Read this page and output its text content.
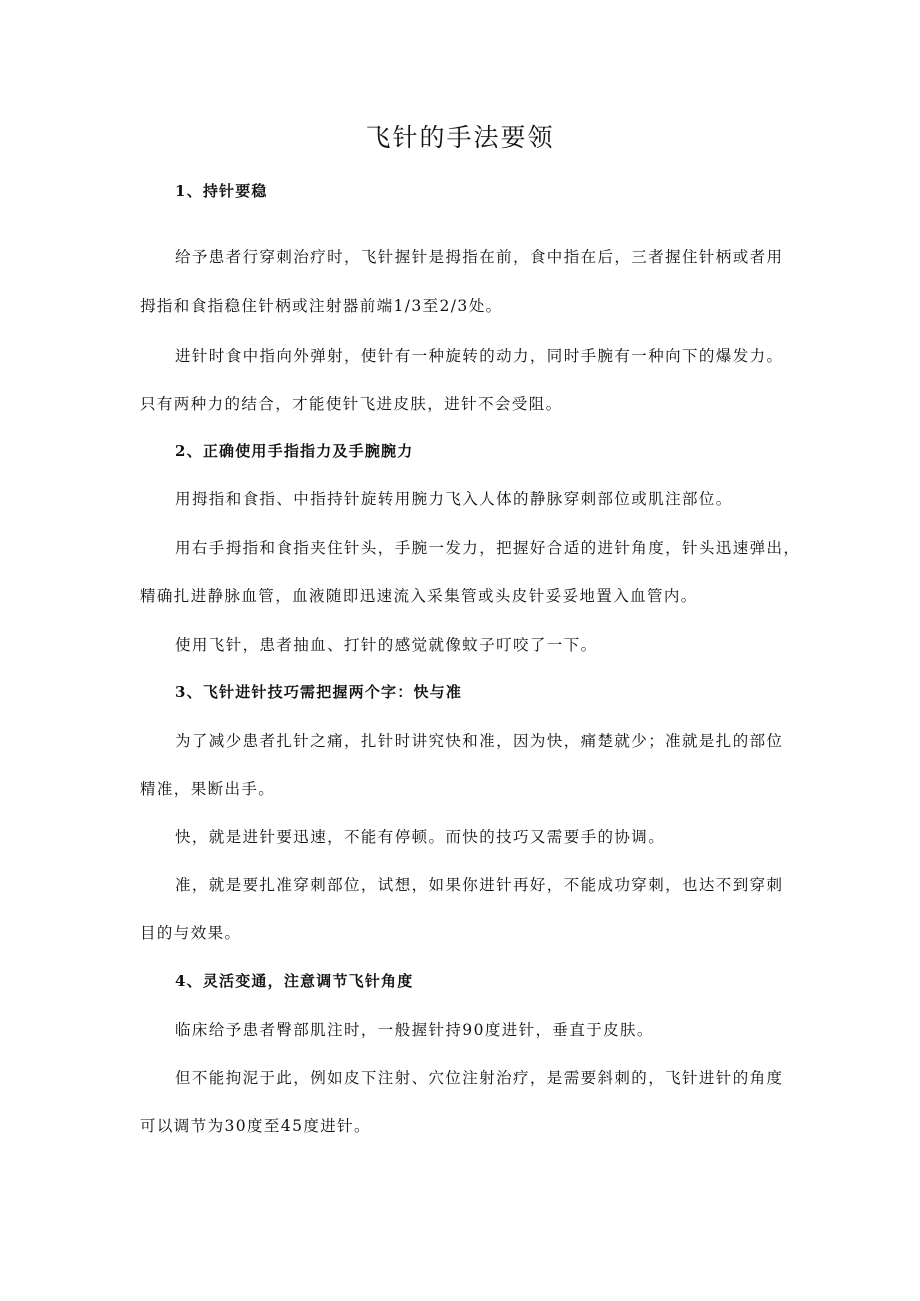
飞针的手法要领

1、持针要稳

给予患者行穿刺治疗时，飞针握针是拇指在前，食中指在后，三者握住针柄或者用

拇指和食指稳住针柄或注射器前端1/3至2/3处。

进针时食中指向外弹射，使针有一种旋转的动力，同时手腕有一种向下的爆发力。

只有两种力的结合，才能使针飞进皮肤，进针不会受阻。

2、正确使用手指指力及手腕腕力

用拇指和食指、中指持针旋转用腕力飞入人体的静脉穿刺部位或肌注部位。

用右手拇指和食指夹住针头，手腕一发力，把握好合适的进针角度，针头迅速弹出，

精确扎进静脉血管，血液随即迅速流入采集管或头皮针妥妥地置入血管内。

使用飞针，患者抽血、打针的感觉就像蚊子叮咬了一下。

3、飞针进针技巧需把握两个字：快与准

为了减少患者扎针之痛，扎针时讲究快和准，因为快，痛楚就少；准就是扎的部位

精准，果断出手。

快，就是进针要迅速，不能有停顿。而快的技巧又需要手的协调。

准，就是要扎准穿刺部位，试想，如果你进针再好，不能成功穿刺，也达不到穿刺

目的与效果。

4、灵活变通，注意调节飞针角度

临床给予患者臀部肌注时，一般握针持90度进针，垂直于皮肤。

但不能拘泥于此，例如皮下注射、穴位注射治疗，是需要斜刺的，飞针进针的角度

可以调节为30度至45度进针。
